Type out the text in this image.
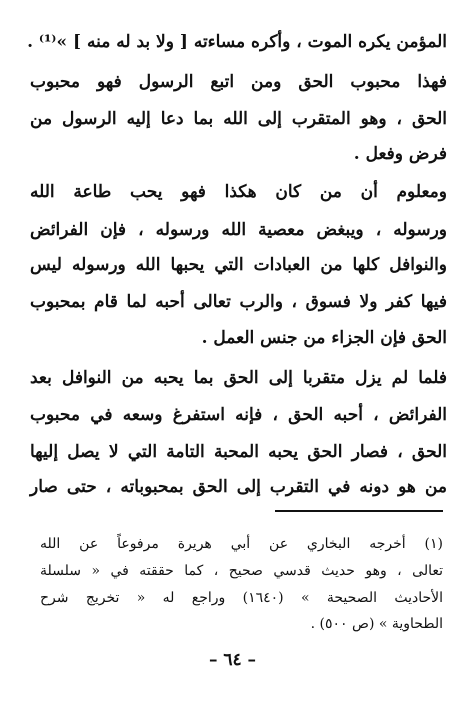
المؤمن يكره الموت ، وأكره مساءته [ ولا بد له منه ] »⁽¹⁾ .
فهذا محبوب الحق ومن اتبع الرسول فهو محبوب
الحق ، وهو المتقرب إلى الله بما دعا إليه الرسول من
فرض وفعل .
ومعلوم أن من كان هكذا فهو يحب طاعة الله
ورسوله ، ويبغض معصية الله ورسوله ، فإن الفرائض
والنوافل كلها من العبادات التي يحبها الله ورسوله ليس
فيها كفر ولا فسوق ، والرب تعالى أحبه لما قام بمحبوب
الحق فإن الجزاء من جنس العمل .
فلما لم يزل متقربا إلى الحق بما يحبه من النوافل بعد
الفرائض ، أحبه الحق ، فإنه استفرغ وسعه في محبوب
الحق ، فصار الحق يحبه المحبة التامة التي لا يصل إليها
من هو دونه في التقرب إلى الحق بمحبوباته ، حتى صار
(١) أخرجه البخاري عن أبي هريرة مرفوعاً عن الله
تعالى ، وهو حديث قدسي صحيح ، كما حققته في « سلسلة
الأحاديث الصحيحة » (١٦٤٠) وراجع له « تخريج شرح
الطحاوية » (ص ٥٠٠) .
– ٦٤ –
